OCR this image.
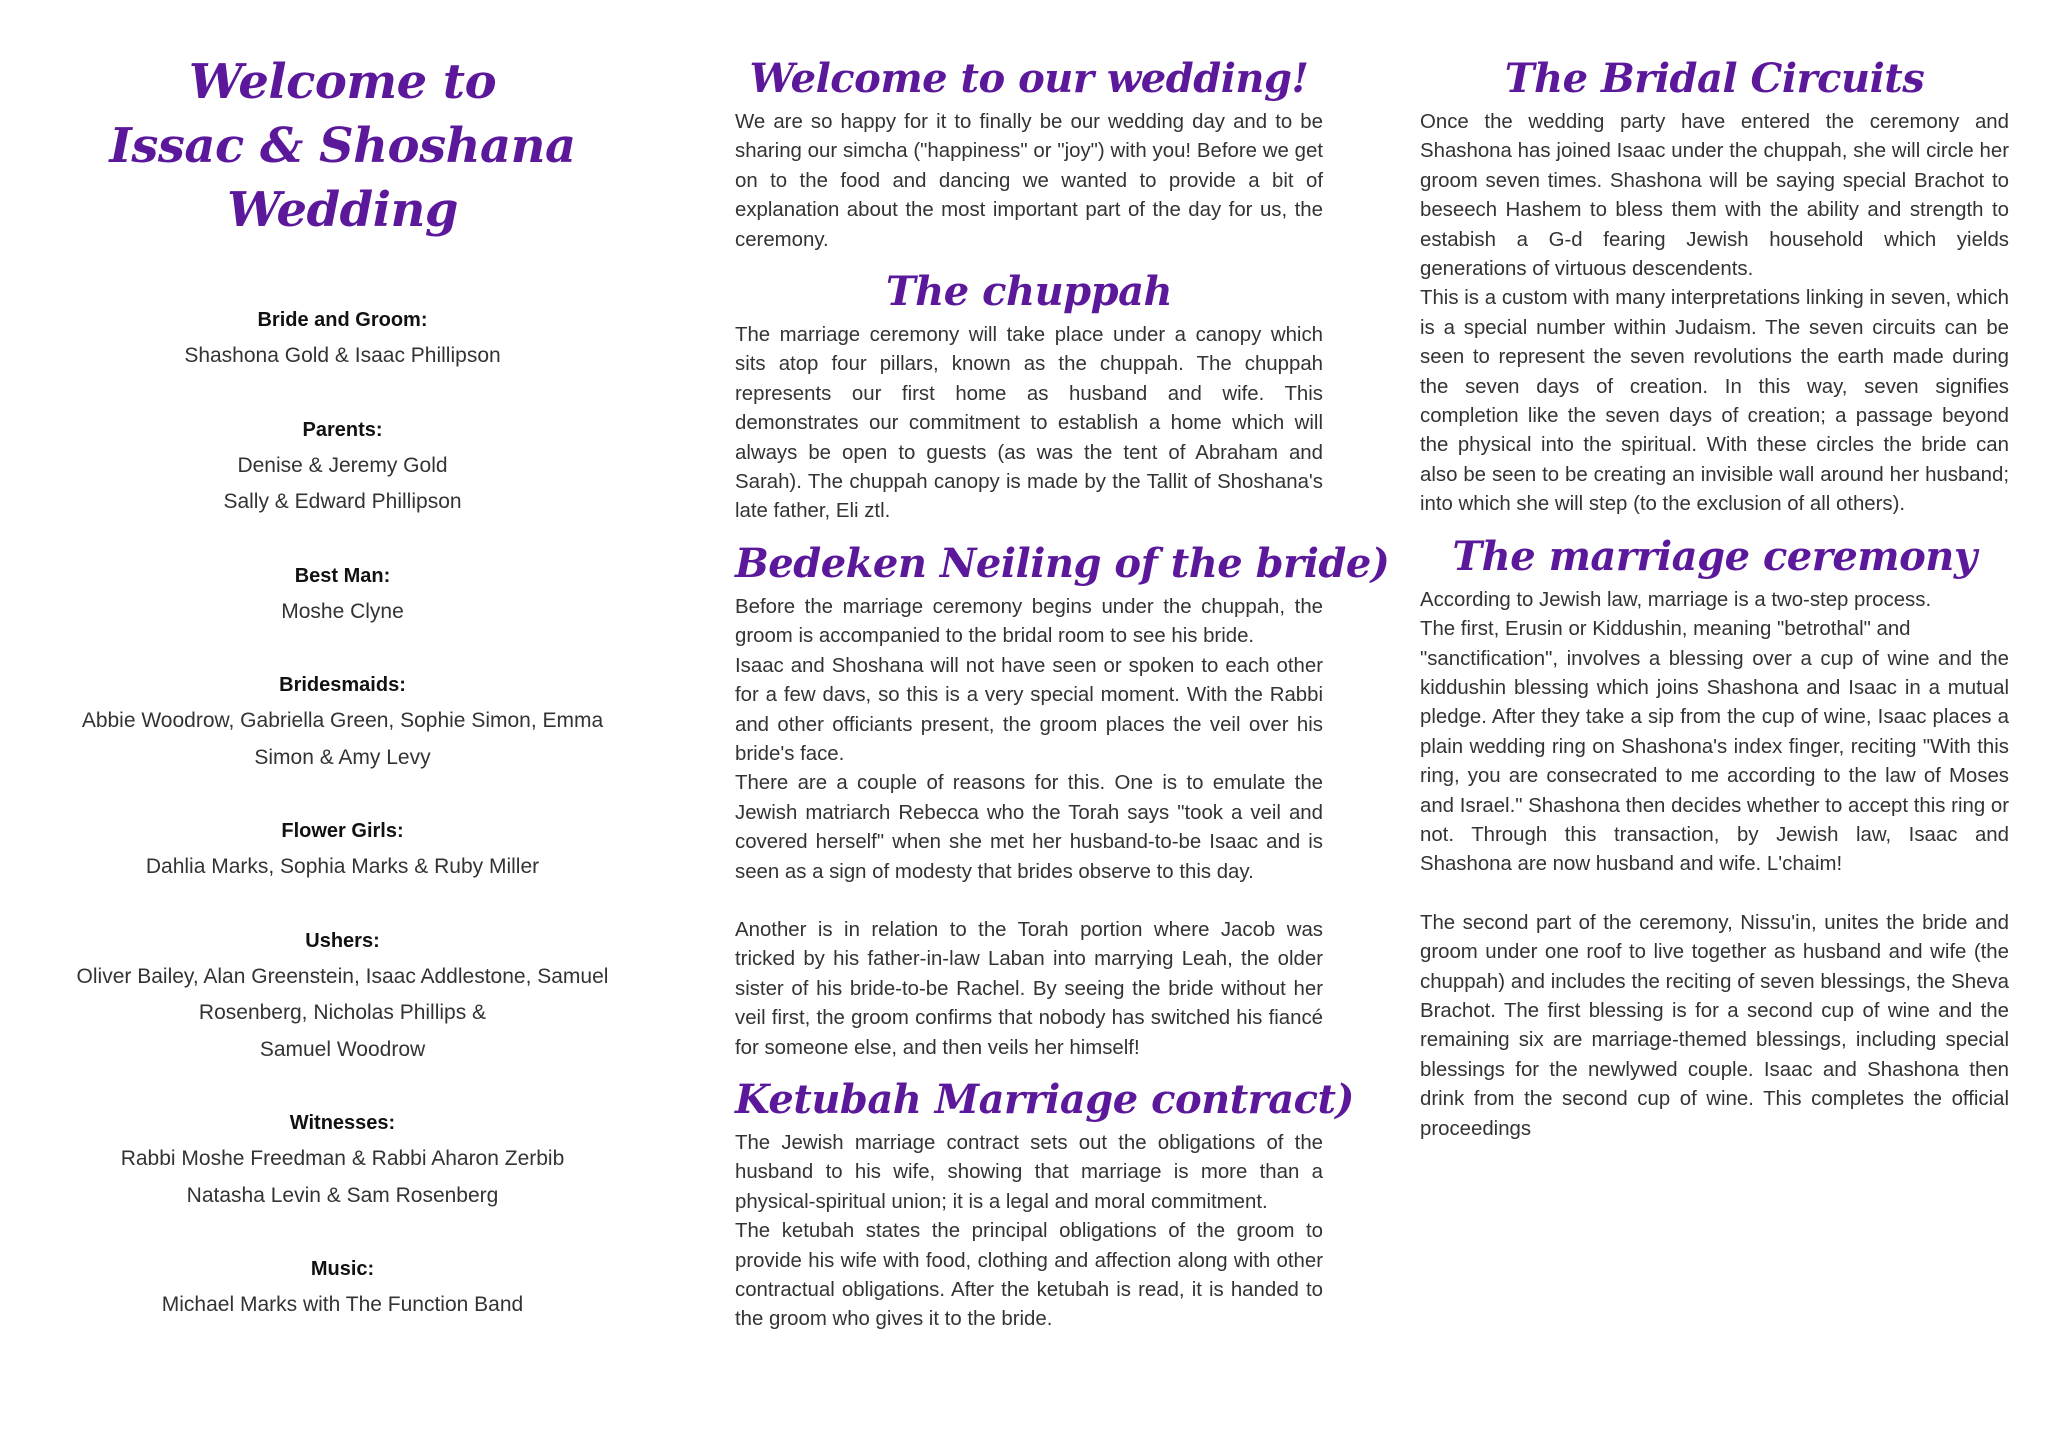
Welcome to
Issac & Shoshana
Wedding
Bride and Groom:
Shashona Gold & Isaac Phillipson
Parents:
Denise & Jeremy Gold
Sally & Edward Phillipson
Best Man:
Moshe Clyne
Bridesmaids:
Abbie Woodrow, Gabriella Green, Sophie Simon, Emma
Simon & Amy Levy
Flower Girls:
Dahlia Marks, Sophia Marks & Ruby Miller
Ushers:
Oliver Bailey, Alan Greenstein, Isaac Addlestone, Samuel
Rosenberg, Nicholas Phillips &
Samuel Woodrow
Witnesses:
Rabbi Moshe Freedman & Rabbi Aharon Zerbib
Natasha Levin & Sam Rosenberg
Music:
Michael Marks with The Function Band
Welcome to our wedding!

We are so happy for it to finally be our wedding day and to be sharing our simcha ("happiness" or "joy") with you! Before we get on to the food and dancing we wanted to provide a bit of explanation about the most important part of the day for us, the ceremony.

The chuppah

The marriage ceremony will take place under a canopy which sits atop four pillars, known as the chuppah. The chuppah represents our first home as husband and wife. This demonstrates our commitment to establish a home which will always be open to guests (as was the tent of Abraham and Sarah). The chuppah canopy is made by the Tallit of Shoshana's late father, Eli ztl.

Bedeken Neiling of the bride)

Before the marriage ceremony begins under the chuppah, the groom is accompanied to the bridal room to see his bride.

Isaac and Shoshana will not have seen or spoken to each other for a few davs, so this is a very special moment. With the Rabbi and other officiants present, the groom places the veil over his bride's face.

There are a couple of reasons for this. One is to emulate the Jewish matriarch Rebecca who the Torah says "took a veil and covered herself" when she met her husband-to-be Isaac and is seen as a sign of modesty that brides observe to this day.

Another is in relation to the Torah portion where Jacob was tricked by his father-in-law Laban into marrying Leah, the older sister of his bride-to-be Rachel. By seeing the bride without her veil first, the groom confirms that nobody has switched his fiancé for someone else, and then veils her himself!

Ketubah Marriage contract)

The Jewish marriage contract sets out the obligations of the husband to his wife, showing that marriage is more than a physical-spiritual union; it is a legal and moral commitment.

The ketubah states the principal obligations of the groom to provide his wife with food, clothing and affection along with other contractual obligations. After the ketubah is read, it is handed to the groom who gives it to the bride.

The Bridal Circuits

Once the wedding party have entered the ceremony and Shashona has joined Isaac under the chuppah, she will circle her groom seven times. Shashona will be saying special Brachot to beseech Hashem to bless them with the ability and strength to estabish a G-d fearing Jewish household which yields generations of virtuous descendents.

This is a custom with many interpretations linking in seven, which is a special number within Judaism. The seven circuits can be seen to represent the seven revolutions the earth made during the seven days of creation. In this way, seven signifies completion like the seven days of creation; a passage beyond the physical into the spiritual. With these circles the bride can also be seen to be creating an invisible wall around her husband; into which she will step (to the exclusion of all others).

The marriage ceremony

According to Jewish law, marriage is a two-step process.

The first, Erusin or Kiddushin, meaning "betrothal" and

"sanctification", involves a blessing over a cup of wine and the kiddushin blessing which joins Shashona and Isaac in a mutual pledge. After they take a sip from the cup of wine, Isaac places a plain wedding ring on Shashona's index finger, reciting "With this ring, you are consecrated to me according to the law of Moses and Israel." Shashona then decides whether to accept this ring or not. Through this transaction, by Jewish law, Isaac and Shashona are now husband and wife. L'chaim!

The second part of the ceremony, Nissu'in, unites the bride and groom under one roof to live together as husband and wife (the chuppah) and includes the reciting of seven blessings, the Sheva Brachot. The first blessing is for a second cup of wine and the remaining six are marriage-themed blessings, including special blessings for the newlywed couple. Isaac and Shashona then drink from the second cup of wine. This completes the official proceedings
